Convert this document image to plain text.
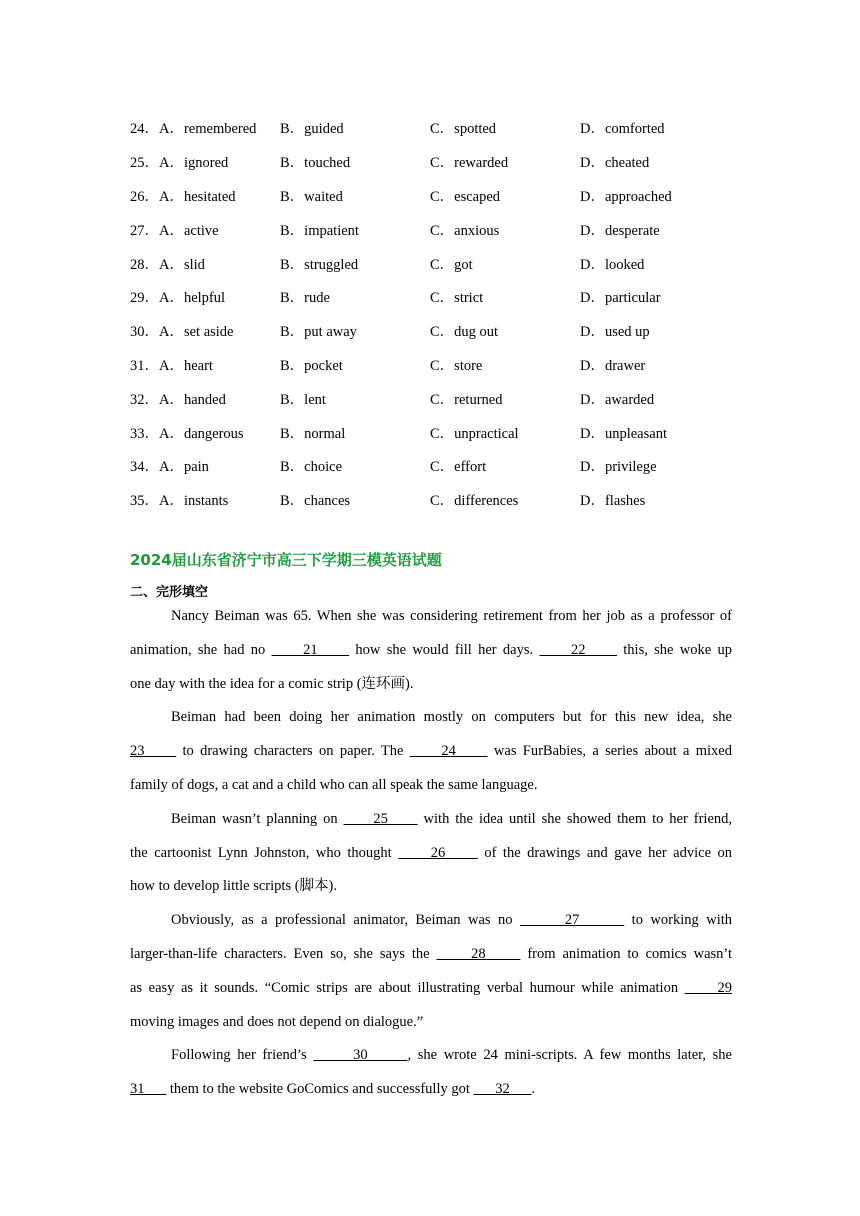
24．A．remembered	B．guided	C．spotted	D．comforted
25．A．ignored	B．touched	C．rewarded	D．cheated
26．A．hesitated	B．waited	C．escaped	D．approached
27．A．active	B．impatient	C．anxious	D．desperate
28．A．slid	B．struggled	C．got	D．looked
29．A．helpful	B．rude	C．strict	D．particular
30．A．set aside	B．put away	C．dug out	D．used up
31．A．heart	B．pocket	C．store	D．drawer
32．A．handed	B．lent	C．returned	D．awarded
33．A．dangerous	B．normal	C．unpractical	D．unpleasant
34．A．pain	B．choice	C．effort	D．privilege
35．A．instants	B．chances	C．differences	D．flashes
2024届山东省济宁市高三下学期三模英语试题
二、完形填空
Nancy Beiman was 65. When she was considering retirement from her job as a professor of
animation, she had no      21      how she would fill her days.      22      this, she woke up
one day with the idea for a comic strip (连环画).
Beiman had been doing her animation mostly on computers but for this new idea, she
23      to drawing characters on paper. The      24      was FurBabies, a series about a mixed
family of dogs, a cat and a child who can all speak the same language.
Beiman wasn’t planning on      25      with the idea until she showed them to her friend,
the cartoonist Lynn Johnston, who thought      26      of the drawings and gave her advice on
how to develop little scripts (脚本).
Obviously, as a professional animator, Beiman was no       27       to working with
larger-than-life characters. Even so, she says the      28      from animation to comics wasn’t
as easy as it sounds. “Comic strips are about illustrating verbal humour while animation      29
moving images and does not depend on dialogue.”
Following her friend’s       30      , she wrote 24 mini-scripts. A few months later, she
31       them to the website GoComics and successfully got       32      .
